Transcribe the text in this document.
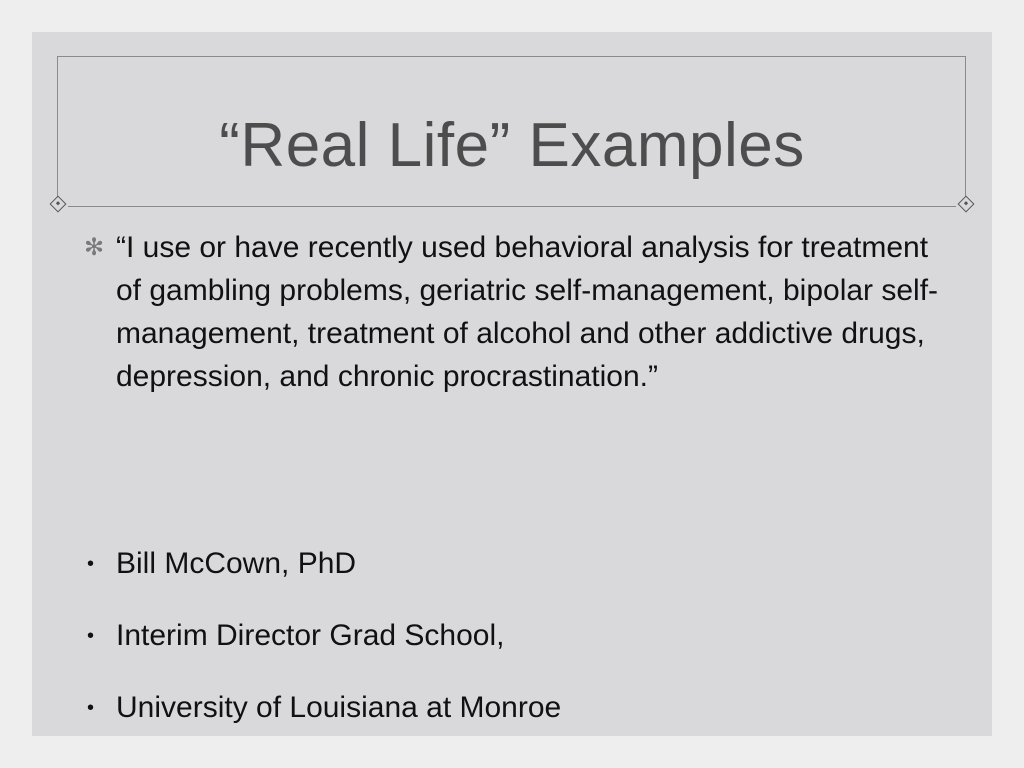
“Real Life” Examples
✻ “I use or have recently used behavioral analysis for treatment of gambling problems, geriatric self-management, bipolar self-management, treatment of alcohol and other addictive drugs, depression, and chronic procrastination.”
• Bill McCown, PhD
• Interim Director Grad School,
• University of Louisiana at Monroe
